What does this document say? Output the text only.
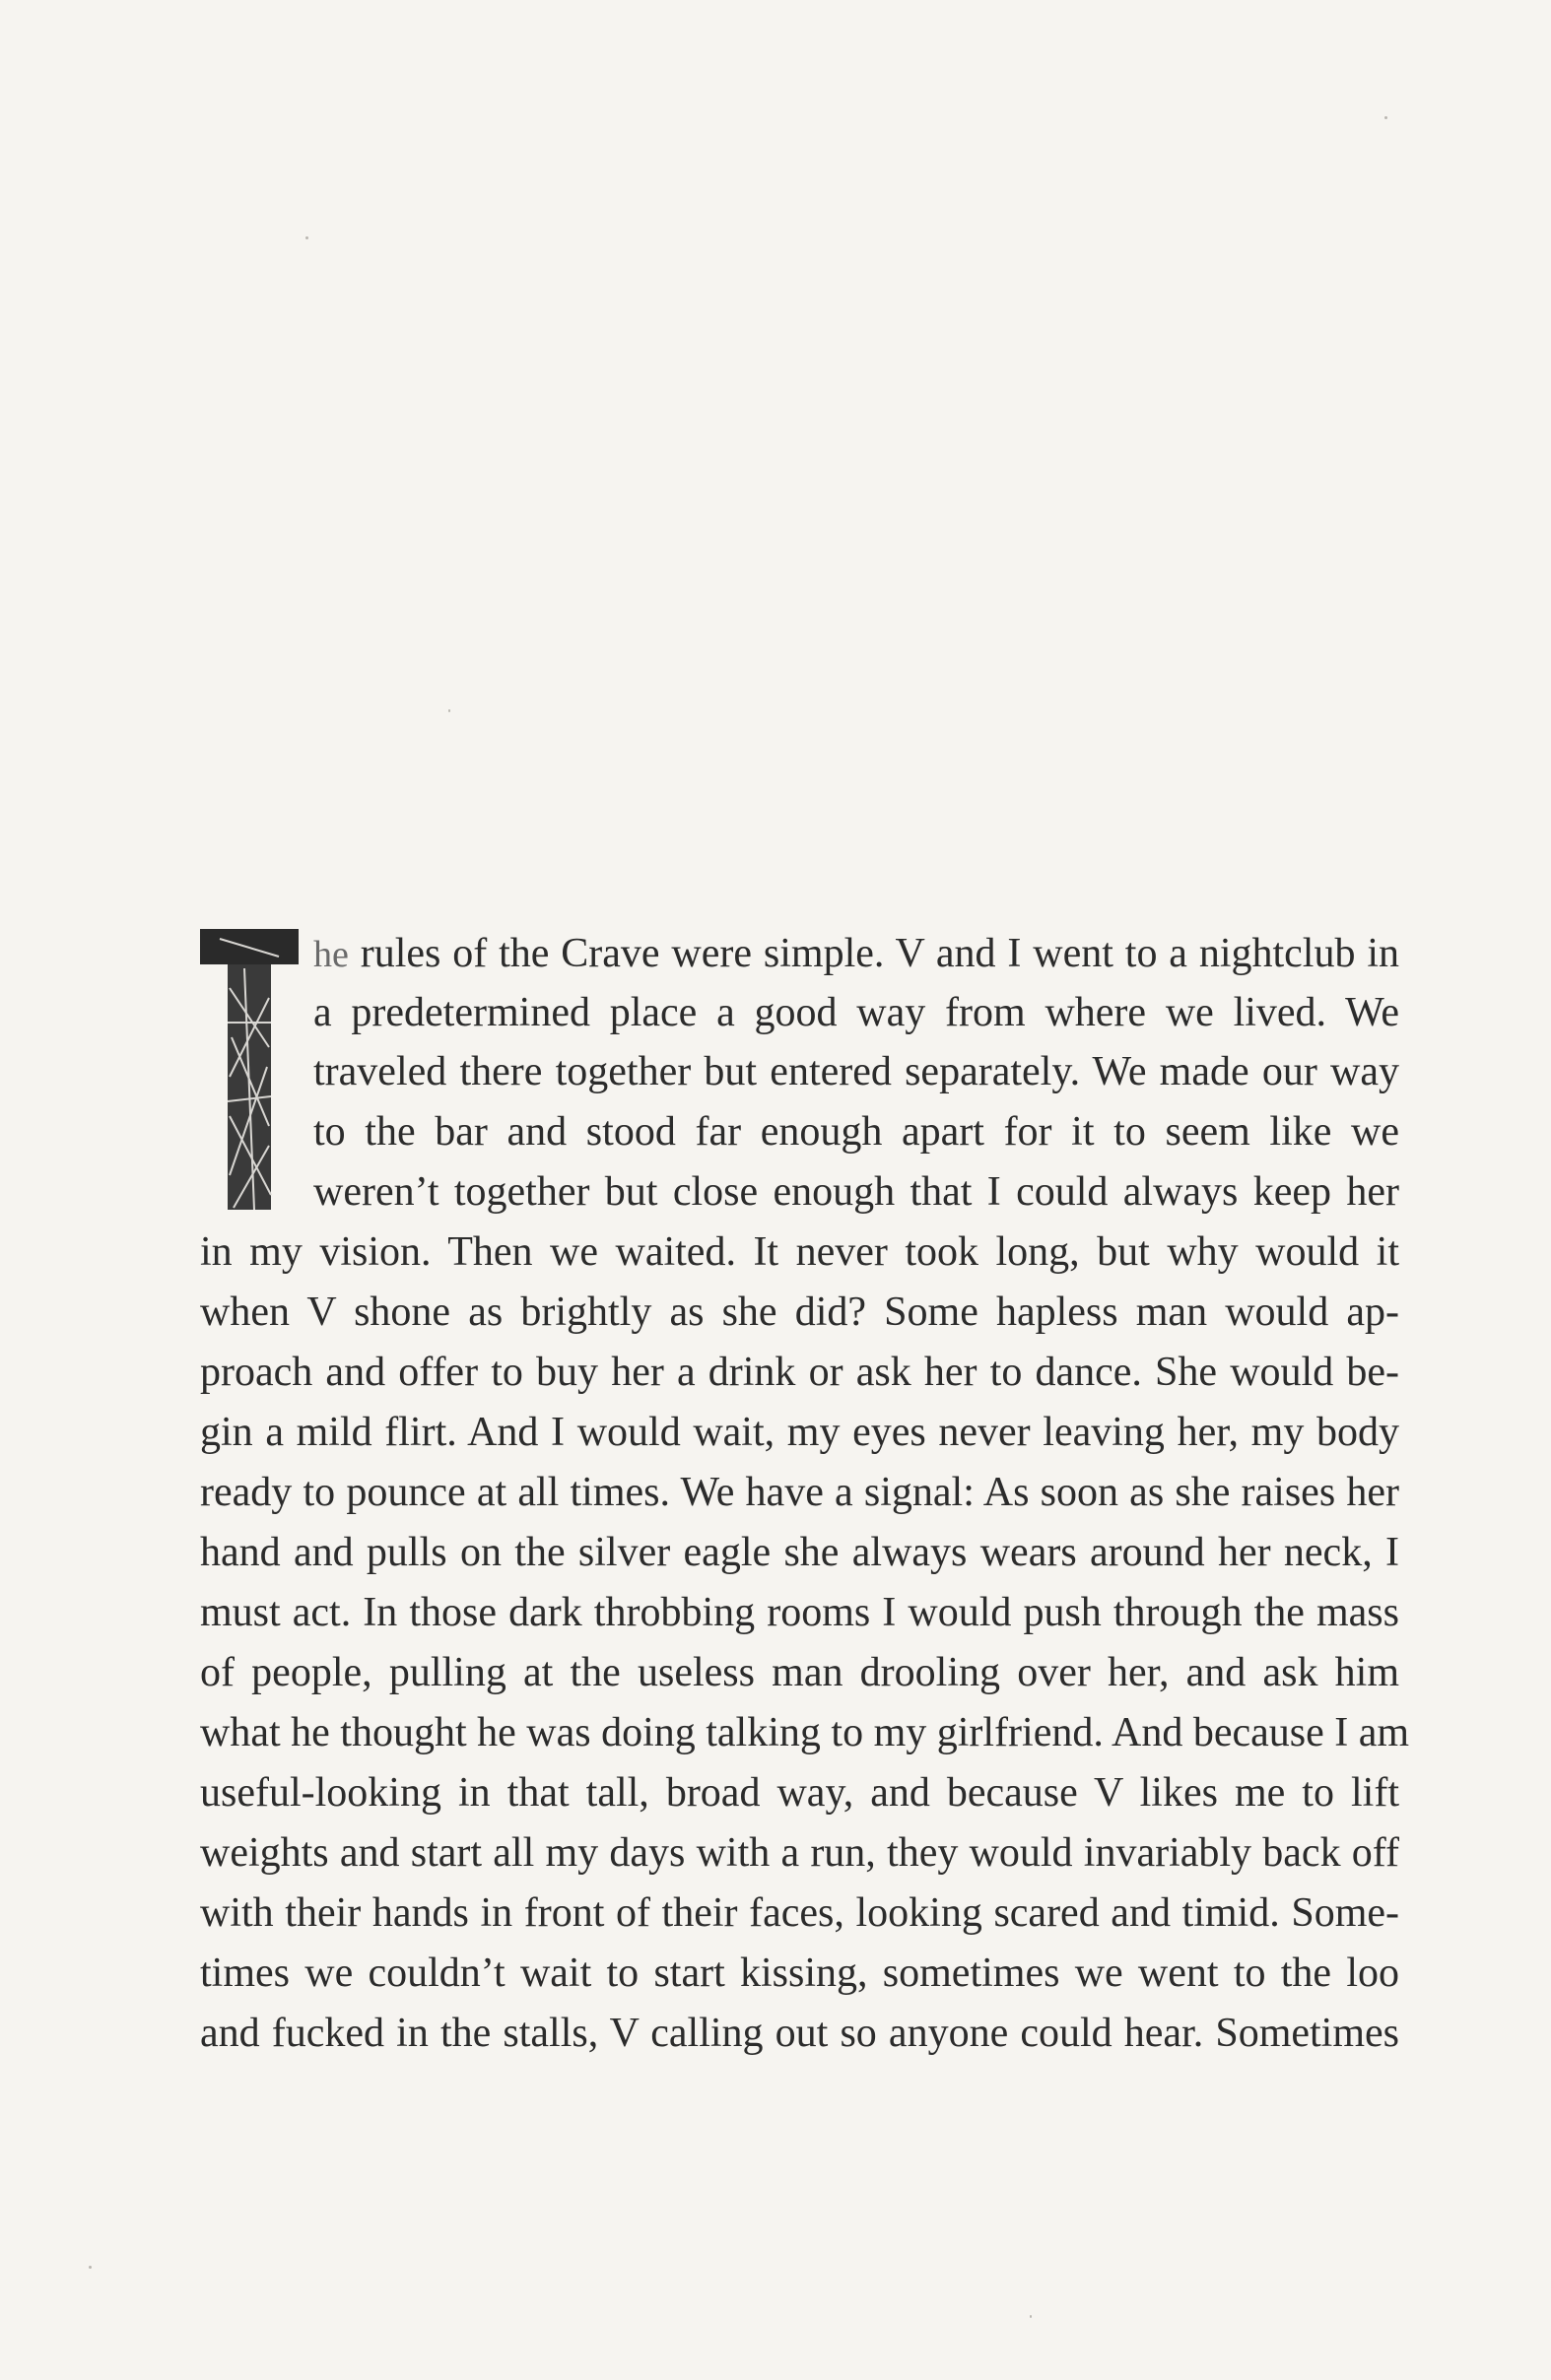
he rules of the Crave were simple. V and I went to a nightclub in
a predetermined place a good way from where we lived. We
traveled there together but entered separately. We made our way
to the bar and stood far enough apart for it to seem like we
weren’t together but close enough that I could always keep her
in my vision. Then we waited. It never took long, but why would it
when V shone as brightly as she did? Some hapless man would ap-
proach and offer to buy her a drink or ask her to dance. She would be-
gin a mild flirt. And I would wait, my eyes never leaving her, my body
ready to pounce at all times. We have a signal: As soon as she raises her
hand and pulls on the silver eagle she always wears around her neck, I
must act. In those dark throbbing rooms I would push through the mass
of people, pulling at the useless man drooling over her, and ask him
what he thought he was doing talking to my girlfriend. And because I am
useful-looking in that tall, broad way, and because V likes me to lift
weights and start all my days with a run, they would invariably back off
with their hands in front of their faces, looking scared and timid. Some-
times we couldn’t wait to start kissing, sometimes we went to the loo
and fucked in the stalls, V calling out so anyone could hear. Sometimes
